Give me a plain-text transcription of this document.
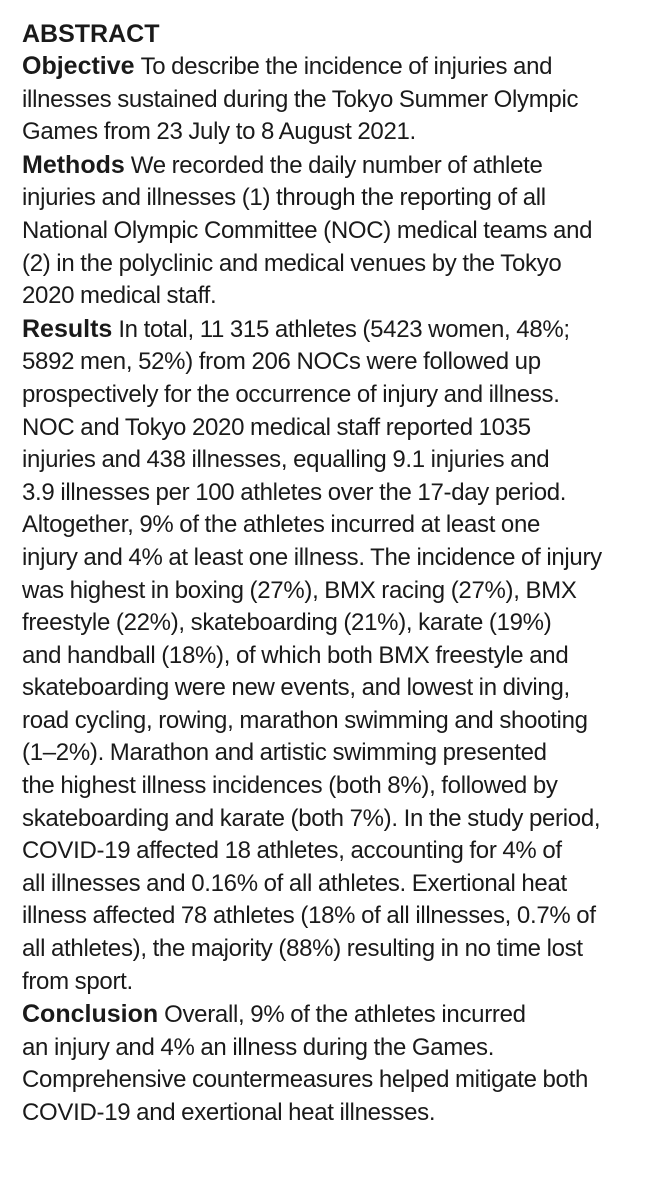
ABSTRACT
Objective To describe the incidence of injuries and
illnesses sustained during the Tokyo Summer Olympic
Games from 23 July to 8 August 2021.
Methods We recorded the daily number of athlete
injuries and illnesses (1) through the reporting of all
National Olympic Committee (NOC) medical teams and
(2) in the polyclinic and medical venues by the Tokyo
2020 medical staff.
Results In total, 11 315 athletes (5423 women, 48%;
5892 men, 52%) from 206 NOCs were followed up
prospectively for the occurrence of injury and illness.
NOC and Tokyo 2020 medical staff reported 1035
injuries and 438 illnesses, equalling 9.1 injuries and
3.9 illnesses per 100 athletes over the 17-day period.
Altogether, 9% of the athletes incurred at least one
injury and 4% at least one illness. The incidence of injury
was highest in boxing (27%), BMX racing (27%), BMX
freestyle (22%), skateboarding (21%), karate (19%)
and handball (18%), of which both BMX freestyle and
skateboarding were new events, and lowest in diving,
road cycling, rowing, marathon swimming and shooting
(1–2%). Marathon and artistic swimming presented
the highest illness incidences (both 8%), followed by
skateboarding and karate (both 7%). In the study period,
COVID-19 affected 18 athletes, accounting for 4% of
all illnesses and 0.16% of all athletes. Exertional heat
illness affected 78 athletes (18% of all illnesses, 0.7% of
all athletes), the majority (88%) resulting in no time lost
from sport.
Conclusion Overall, 9% of the athletes incurred
an injury and 4% an illness during the Games.
Comprehensive countermeasures helped mitigate both
COVID-19 and exertional heat illnesses.
